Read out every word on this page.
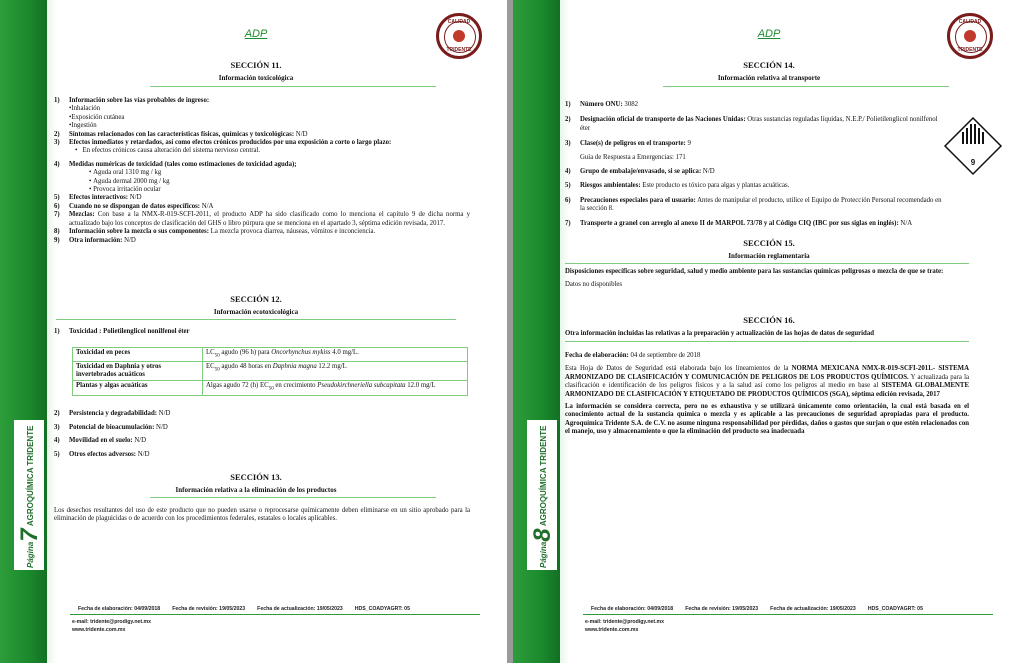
Página7 AGROQUÍMICA TRIDENTE
ADP
CALIDAD
TRIDENTE
SECCIÓN 11.
Información toxicológica
1) Información sobre las vías probables de ingreso:
•Inhalación
•Exposición cutánea
•Ingestión
2) Síntomas relacionados con las características físicas, químicas y toxicológicas: N/D
3) Efectos inmediatos y retardados, así como efectos crónicos producidos por una exposición a corto o largo plazo:
•   En efectos crónicos causa alteración del sistema nervioso central.
4) Medidas numéricas de toxicidad (tales como estimaciones de toxicidad aguda);
• Aguda oral 1310 mg / kg
• Aguda dermal 2000 mg / kg
• Provoca irritación ocular
5) Efectos interactivos: N/D
6) Cuando no se dispongan de datos específicos: N/A
7) Mezclas: Con base a la NMX-R-019-SCFI-2011, el producto ADP ha sido clasificado como lo menciona el capítulo 9 de dicha norma y actualizado bajo los conceptos de clasificación del GHS o libro púrpura que se menciona en el apartado 3, séptima edición revisada, 2017.
8) Información sobre la mezcla o sus componentes: La mezcla provoca diarrea, náuseas, vómitos e inconciencia.
9) Otra información: N/D
SECCIÓN 12.
Información ecotoxicológica
1) Toxicidad : Polietilenglicol nonilfenol éter
Toxicidad en peces	$LC_{50}$ agudo (96 h) para Oncorhynchus mykiss 4.0 mg/L.
Toxicidad en Daphnia y otros invertebrados acuáticos	$EC_{50}$ agudo 48 horas en Daphnia magna 12.2 mg/L
Plantas y algas acuáticas	Algas agudo 72 (h) $EC_{50}$ en crecimiento Pseudokirchneriella subcapitata 12.0 mg/L
2) Persistencia y degradabilidad: N/D
3) Potencial de bioacumulación: N/D
4) Movilidad en el suelo: N/D
5) Otros efectos adversos: N/D
SECCIÓN 13.
Información relativa a la eliminación de los productos
Los desechos resultantes del uso de este producto que no pueden usarse o reprocesarse químicamente deben eliminarse en un sitio aprobado para la eliminación de plaguicidas o de acuerdo con los procedimientos federales, estatales o locales aplicables.
Fecha de elaboración: 04/09/2018 Fecha de revisión: 19/05/2023 Fecha de actualización: 19/05/2023 HDS_COADYAGRT: 05
e-mail: tridente@prodigy.net.mx
www.tridente.com.mx
Página8 AGROQUÍMICA TRIDENTE
ADP
CALIDAD
TRIDENTE
SECCIÓN 14.
Información relativa al transporte
1) Número ONU: 3082
2) Designación oficial de transporte de las Naciones Unidas: Otras sustancias reguladas líquidas, N.E.P./ Polietilenglicol nonilfenol éter
3) Clase(s) de peligros en el transporte: 9
Guía de Respuesta a Emergencias: 171
4) Grupo de embalaje/envasado, si se aplica: N/D
5) Riesgos ambientales: Este producto es tóxico para algas y plantas acuáticas.
6) Precauciones especiales para el usuario: Antes de manipular el producto, utilice el Equipo de Protección Personal recomendado en la sección 8.
7) Transporte a granel con arreglo al anexo II de MARPOL 73/78 y al Código CIQ (IBC por sus siglas en inglés): N/A
9
SECCIÓN 15.
Información reglamentaria
Disposiciones específicas sobre seguridad, salud y medio ambiente para las sustancias químicas peligrosas o mezcla de que se trate:
Datos no disponibles
SECCIÓN 16.
Otra información incluidas las relativas a la preparación y actualización de las hojas de datos de seguridad
Fecha de elaboración: 04 de septiembre de 2018
Esta Hoja de Datos de Seguridad está elaborada bajo los lineamientos de la NORMA MEXICANA NMX-R-019-SCFI-2011.- SISTEMA ARMONIZADO DE CLASIFICACIÓN Y COMUNICACIÓN DE PELIGROS DE LOS PRODUCTOS QUÍMICOS. Y actualizada para la clasificación e identificación de los peligros físicos y a la salud así como los peligros al medio en base al SISTEMA GLOBALMENTE ARMONIZADO DE CLASIFICACIÓN Y ETIQUETADO DE PRODUCTOS QUÍMICOS (SGA), séptima edición revisada, 2017
La información se considera correcta, pero no es exhaustiva y se utilizará únicamente como orientación, la cual está basada en el conocimiento actual de la sustancia química o mezcla y es aplicable a las precauciones de seguridad apropiadas para el producto. Agroquímica Tridente S.A. de C.V. no asume ninguna responsabilidad por pérdidas, daños o gastos que surjan o que estén relacionados con el manejo, uso y almacenamiento o que la eliminación del producto sea inadecuada
Fecha de elaboración: 04/09/2018 Fecha de revisión: 19/05/2023 Fecha de actualización: 19/05/2023 HDS_COADYAGRT: 05
e-mail: tridente@prodigy.net.mx
www.tridente.com.mx
